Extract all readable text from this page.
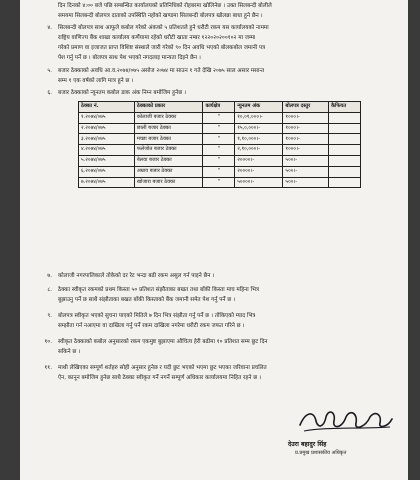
दिन दिनको ४:०० बजे पछि सम्बन्धित कार्यालयको प्रतिनिधिको रोहबरमा खोलिनेछ । उक्त सिलबन्दी बोलीले
समयमा सिलबन्दी बोलपत्र दाताको उपस्थिति नहोको खण्डमा सिलबन्दी बोलपत्र खोलन्ना बाधा हुने छैन ।
४. सिलबन्दी बोलपत्र साथ आफूले कबोल गरेको अंकको ५ प्रतिशतले हुने धरौटी रकम यस कार्यालयको नाममा
राष्ट्रिय वाणिज्य बैंक शाखा कार्यालय कर्णेयामा रहेको धरौटी खाता नम्बर १२२०२०२००१०२ मा जम्मा
गरेको प्रमाण वा इजाजत प्राप्त विशिष्ट संस्थाले जारी गरेको ९० दिन अवधि भएको बोलकबोल जमानी पत्र
पेश गर्नु पर्ने छ । बोलपत्र साथ पेश भएको नगदलाइ मान्यता दिइने छैन ।
५. बजार ठेक्काको अवधि आ.व.२०७४/०७५ असोज २०७४ मा साउन १ गते देखि २०७५ साल असार मसान्त
सम्म १ एक वर्षको लागि मात्र हुने छ ।
६. बजार ठेक्काको न्यूनतम कबोल डाक अंक निम्न बमोजिम हुनेछ ।
ठेक्का नं.	ठेक्काको प्रकार	कार्यक्षेत्र	न्युनतम अंक	बोलपत्र दस्तुर	कैफियत
१.२०७४/०७५	कोलाजी बजार ठेक्का	"	१०,०१,०००।-	१०००।-	
२.२०७४/०७५	छाली बजार ठेक्का	"	१५,०,०००।-	१०००।-	
३.२०७४/०७५	मच्छा बजार ठेक्का	"	१,१०,०००।-	१०००।-	
४.२०७४/०७५	फलेजोत बजार ठेक्का	"	२,१०,०००।-	१०००।-	
५.२०७४/०७५	बेलवा बजार ठेक्का	"	२००००।-	५००।-	
६.२०७४/०७५	अम्राय बजार ठेक्का	"	२००००।-	५००।-	
७.२०७४/०७५	खोजारा बजार ठेक्का	"	५००००।-	५००।-	
७. कोलाजी नगरपालिकाले तोकेको दर रेट भन्दा बढी रकम असुल गर्न पाइने छैन ।
८. ठेक्का स्वीकृत रकमको प्रथम किस्ता ५० प्रतिशत संझौताका बखत तथा बाँकी किस्ता माघ महिना भित्र
बुझाउनु पर्ने छ साथै संझौताका बखत बाँकी किस्ताको बैंक जमानी समेत पेश गर्नु पर्ने छ ।
९. बोलपत्र स्वीकृत भएको सुचना पाएको मितिले ७ दिन भित्र संझौता गर्नु पर्ने छ । तोकिएको म्याद भित्र
सम्झौता गर्न नआएमा वा दाखिला गर्नु पर्ने रकम दाखिला नगरेमा धरौटी रकम जफत गरिने छ ।
१०. स्वीकृत ठेक्काको कबोल अनुसारको रकम एकमुष्ट बुझाएमा औचित्य हेरी बढीमा १० प्रतिशत सम्म छुट दिन
सकिने छ ।
११. माथी लेखिएका सम्पूर्ण शर्तहरु सोही अनुसार हुनेछ र यदी छुट भएको भएमा छुट भएका जरिवाना प्रचलित
ऐन, कानून बमोजिम हुनेछ साथै ठेक्का स्वीकृत गर्ने नगर्ने सम्पूर्ण अधिकार कार्यालयमा निहित रहने छ ।
देउरा बहादुर सिंह
प्र.प्रमुख प्रशासकीय अधिकृत
